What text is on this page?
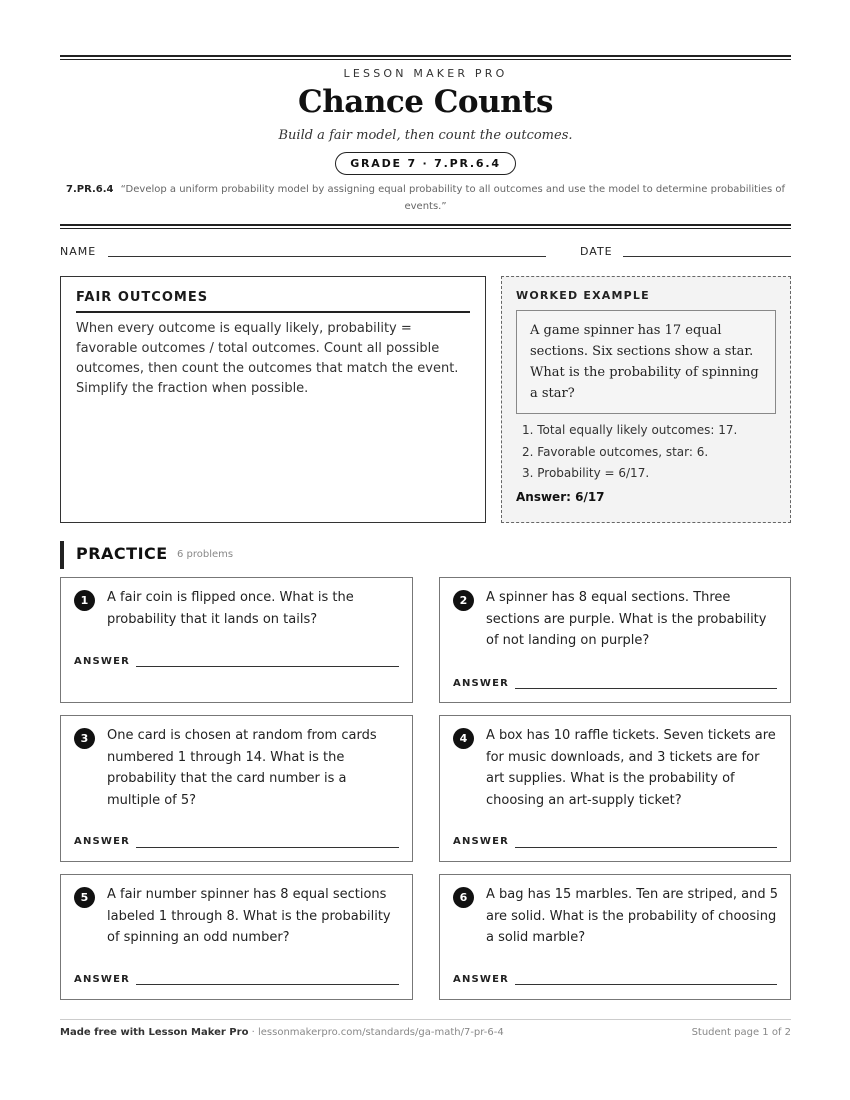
LESSON MAKER PRO
Chance Counts
Build a fair model, then count the outcomes.
GRADE 7 · 7.PR.6.4
7.PR.6.4 “Develop a uniform probability model by assigning equal probability to all outcomes and use the model to determine probabilities of events.”
NAME	DATE
FAIR OUTCOMES
When every outcome is equally likely, probability = favorable outcomes / total outcomes. Count all possible outcomes, then count the outcomes that match the event. Simplify the fraction when possible.
WORKED EXAMPLE
A game spinner has 17 equal sections. Six sections show a star. What is the probability of spinning a star?
1. Total equally likely outcomes: 17.
2. Favorable outcomes, star: 6.
3. Probability = 6/17.
Answer: 6/17
PRACTICE 6 problems
1	A fair coin is flipped once. What is the probability that it lands on tails?
ANSWER
2	A spinner has 8 equal sections. Three sections are purple. What is the probability of not landing on purple?
ANSWER
3	One card is chosen at random from cards numbered 1 through 14. What is the probability that the card number is a multiple of 5?
ANSWER
4	A box has 10 raffle tickets. Seven tickets are for music downloads, and 3 tickets are for art supplies. What is the probability of choosing an art-supply ticket?
ANSWER
5	A fair number spinner has 8 equal sections labeled 1 through 8. What is the probability of spinning an odd number?
ANSWER
6	A bag has 15 marbles. Ten are striped, and 5 are solid. What is the probability of choosing a solid marble?
ANSWER
Made free with Lesson Maker Pro · lessonmakerpro.com/standards/ga-math/7-pr-6-4	Student page 1 of 2
